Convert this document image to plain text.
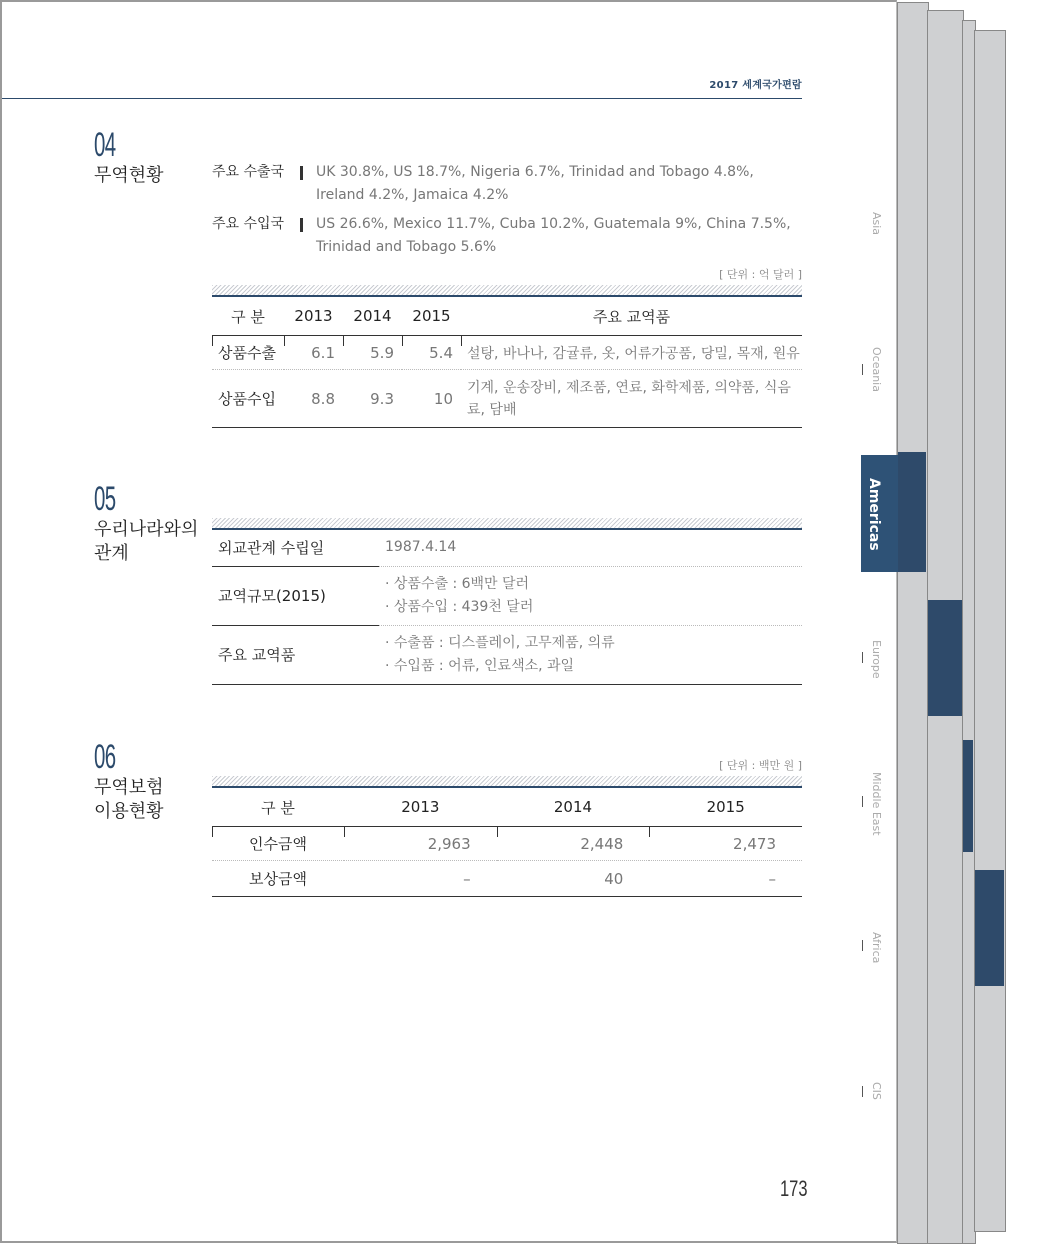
2017 세계국가편람
04
무역현황	주요 수출국	UK 30.8%, US 18.7%, Nigeria 6.7%, Trinidad and Tobago 4.8%, Ireland 4.2%, Jamaica 4.2%
주요 수입국	US 26.6%, Mexico 11.7%, Cuba 10.2%, Guatemala 9%, China 7.5%, Trinidad and Tobago 5.6%
[ 단위 : 억 달러 ]
구 분	2013	2014	2015	주요 교역품
상품수출	6.1	5.9	5.4	설탕, 바나나, 감귤류, 옷, 어류가공품, 당밀, 목재, 원유
상품수입	8.8	9.3	10	기계, 운송장비, 제조품, 연료, 화학제품, 의약품, 식음료, 담배
05
우리나라와의
관계	외교관계 수립일	1987.4.14
교역규모(2015)	· 상품수출 : 6백만 달러
· 상품수입 : 439천 달러

주요 교역품	· 수출품 : 디스플레이, 고무제품, 의류
· 수입품 : 어류, 인료색소, 과일
06
무역보험
이용현황
[ 단위 : 백만 원 ]
구 분	2013	2014	2015
인수금액	2,963	2,448	2,473
보상금액	–	40	–
Asia
Oceania
Americas
Europe
Middle East
Africa
CIS
173
